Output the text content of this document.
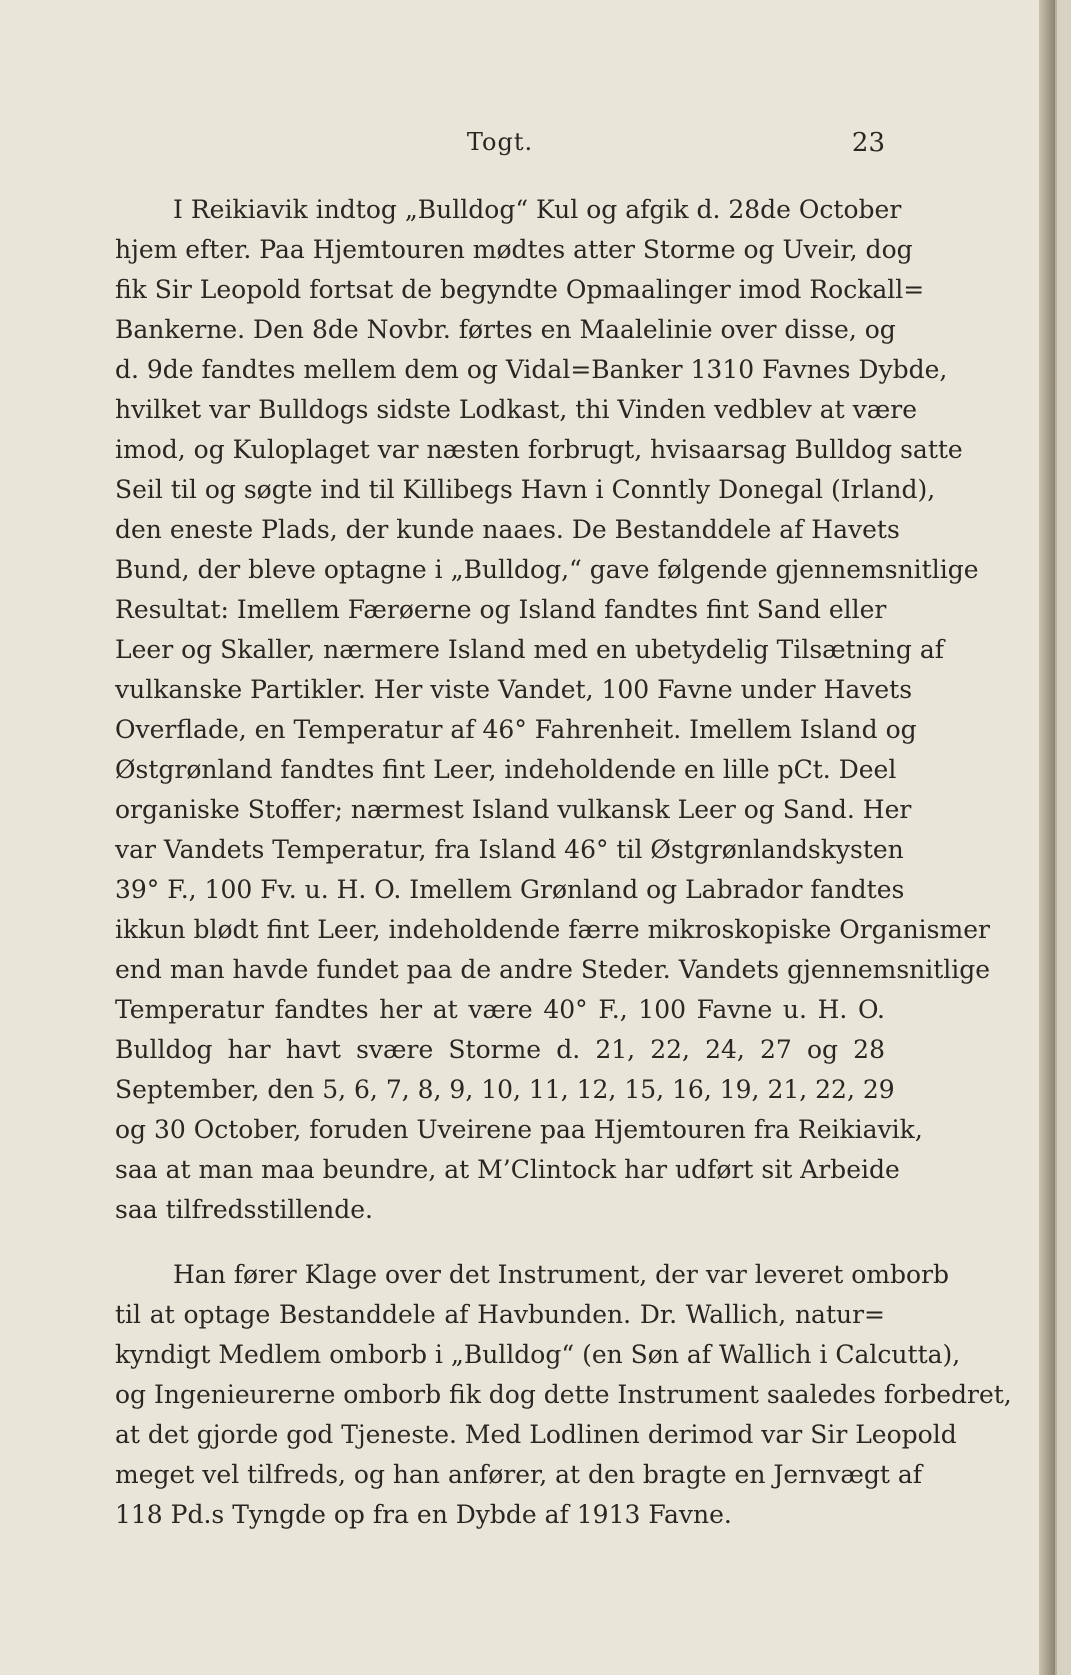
Togt.	23
I Reikiavik indtog „Bulldog“ Kul og afgik d. 28de October
hjem efter. Paa Hjemtouren mødtes atter Storme og Uveir, dog
fik Sir Leopold fortsat de begyndte Opmaalinger imod Rockall=
Bankerne. Den 8de Novbr. førtes en Maalelinie over disse, og
d. 9de fandtes mellem dem og Vidal=Banker 1310 Favnes Dybde,
hvilket var Bulldogs sidste Lodkast, thi Vinden vedblev at være
imod, og Kuloplaget var næsten forbrugt, hvisaarsag Bulldog satte
Seil til og søgte ind til Killibegs Havn i Conntly Donegal (Irland),
den eneste Plads, der kunde naaes. De Bestanddele af Havets
Bund, der bleve optagne i „Bulldog,“ gave følgende gjennemsnitlige
Resultat: Imellem Færøerne og Island fandtes fint Sand eller
Leer og Skaller, nærmere Island med en ubetydelig Tilsætning af
vulkanske Partikler. Her viste Vandet, 100 Favne under Havets
Overflade, en Temperatur af 46° Fahrenheit. Imellem Island og
Østgrønland fandtes fint Leer, indeholdende en lille pCt. Deel
organiske Stoffer; nærmest Island vulkansk Leer og Sand. Her
var Vandets Temperatur, fra Island 46° til Østgrønlandskysten
39° F., 100 Fv. u. H. O. Imellem Grønland og Labrador fandtes
ikkun blødt fint Leer, indeholdende færre mikroskopiske Organismer
end man havde fundet paa de andre Steder. Vandets gjennemsnitlige
Temperatur fandtes her at være 40° F., 100 Favne u. H. O.
Bulldog har havt svære Storme d. 21, 22, 24, 27 og 28
September, den 5, 6, 7, 8, 9, 10, 11, 12, 15, 16, 19, 21, 22, 29
og 30 October, foruden Uveirene paa Hjemtouren fra Reikiavik,
saa at man maa beundre, at M’Clintock har udført sit Arbeide
saa tilfredsstillende.
Han fører Klage over det Instrument, der var leveret omborb
til at optage Bestanddele af Havbunden. Dr. Wallich, natur=
kyndigt Medlem omborb i „Bulldog“ (en Søn af Wallich i Calcutta),
og Ingenieurerne omborb fik dog dette Instrument saaledes forbedret,
at det gjorde god Tjeneste. Med Lodlinen derimod var Sir Leopold
meget vel tilfreds, og han anfører, at den bragte en Jernvægt af
118 Pd.s Tyngde op fra en Dybde af 1913 Favne.
